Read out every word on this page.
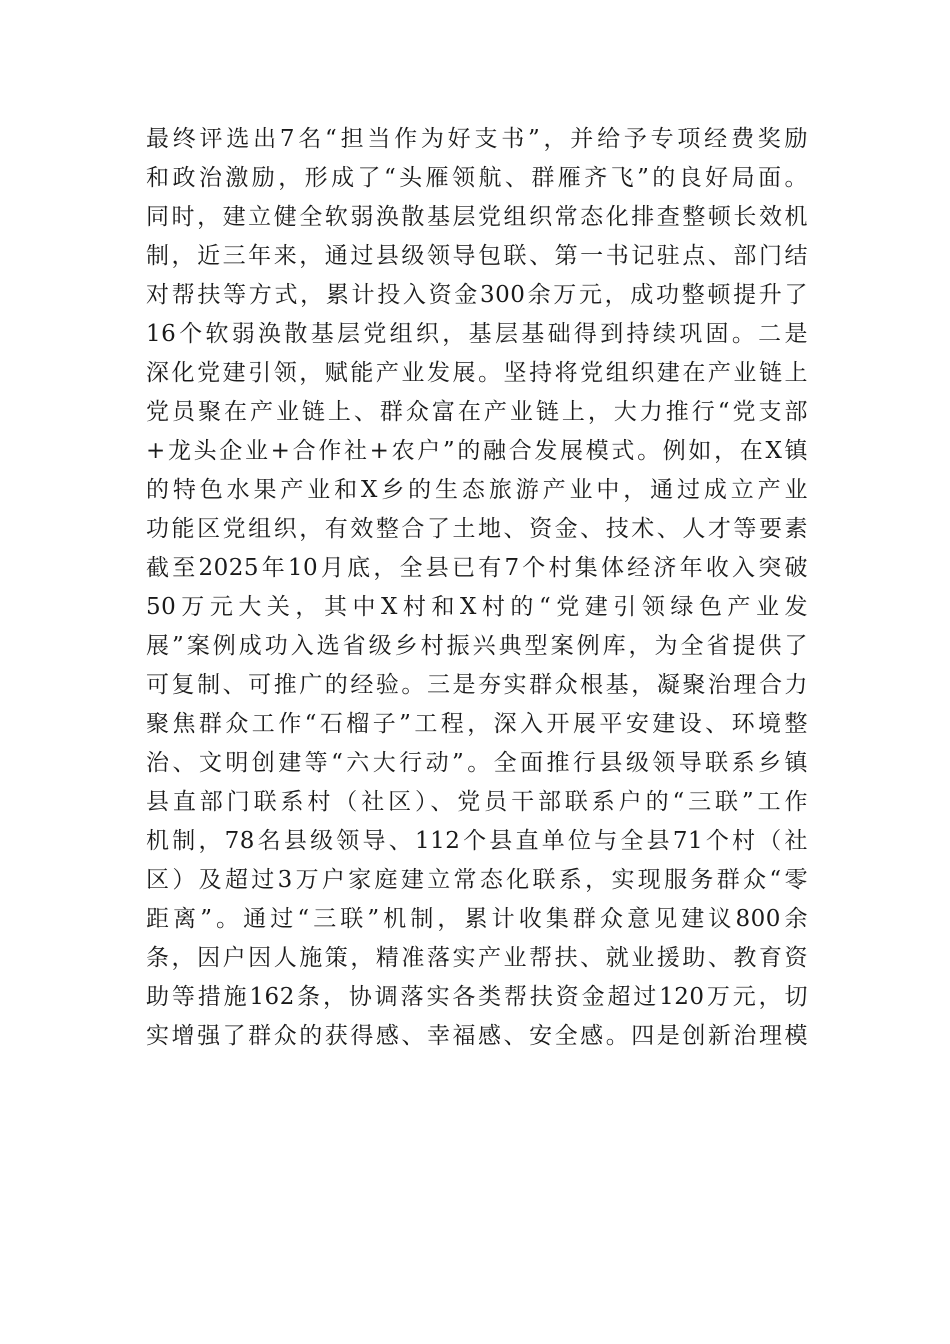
最终评选出7名“担当作为好支书”，并给予专项经费奖励
和政治激励，形成了“头雁领航、群雁齐飞”的良好局面。
同时，建立健全软弱涣散基层党组织常态化排查整顿长效机
制，近三年来，通过县级领导包联、第一书记驻点、部门结
对帮扶等方式，累计投入资金300余万元，成功整顿提升了
16个软弱涣散基层党组织，基层基础得到持续巩固。二是
深化党建引领，赋能产业发展。坚持将党组织建在产业链上
党员聚在产业链上、群众富在产业链上，大力推行“党支部
+龙头企业+合作社+农户”的融合发展模式。例如，在X镇
的特色水果产业和X乡的生态旅游产业中，通过成立产业
功能区党组织，有效整合了土地、资金、技术、人才等要素
截至2025年10月底，全县已有7个村集体经济年收入突破
50万元大关，其中X村和X村的“党建引领绿色产业发
展”案例成功入选省级乡村振兴典型案例库，为全省提供了
可复制、可推广的经验。三是夯实群众根基，凝聚治理合力
聚焦群众工作“石榴子”工程，深入开展平安建设、环境整
治、文明创建等“六大行动”。全面推行县级领导联系乡镇
县直部门联系村（社区）、党员干部联系户的“三联”工作
机制，78名县级领导、112个县直单位与全县71个村（社
区）及超过3万户家庭建立常态化联系，实现服务群众“零
距离”。通过“三联”机制，累计收集群众意见建议800余
条，因户因人施策，精准落实产业帮扶、就业援助、教育资
助等措施162条，协调落实各类帮扶资金超过120万元，切
实增强了群众的获得感、幸福感、安全感。四是创新治理模
